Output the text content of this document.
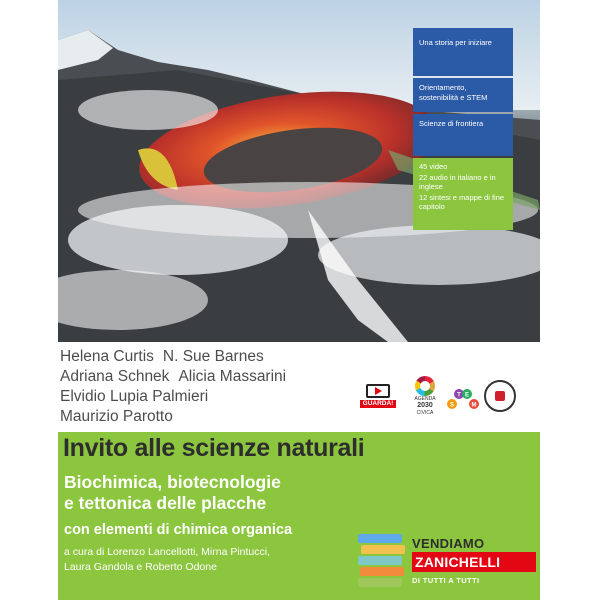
Una storia per iniziare
Orientamento, sostenibilità e STEM
Scienze di frontiera
45 video
22 audio in italiano e in inglese
12 sintesi e mappe di fine capitolo
Helena Curtis N. Sue Barnes
Adriana Schnek Alicia Massarini
Elvidio Lupia Palmieri
Maurizio Parotto
GUARDA!
AGENDA
2030
CIVICA
S
T E
M
Invito alle scienze naturali
Biochimica, biotecnologie
e tettonica delle placche
con elementi di chimica organica
a cura di Lorenzo Lancellotti, Mirna Pintucci,
Laura Gandola e Roberto Odone
VENDIAMO
ZANICHELLI
DI TUTTI A TUTTI
